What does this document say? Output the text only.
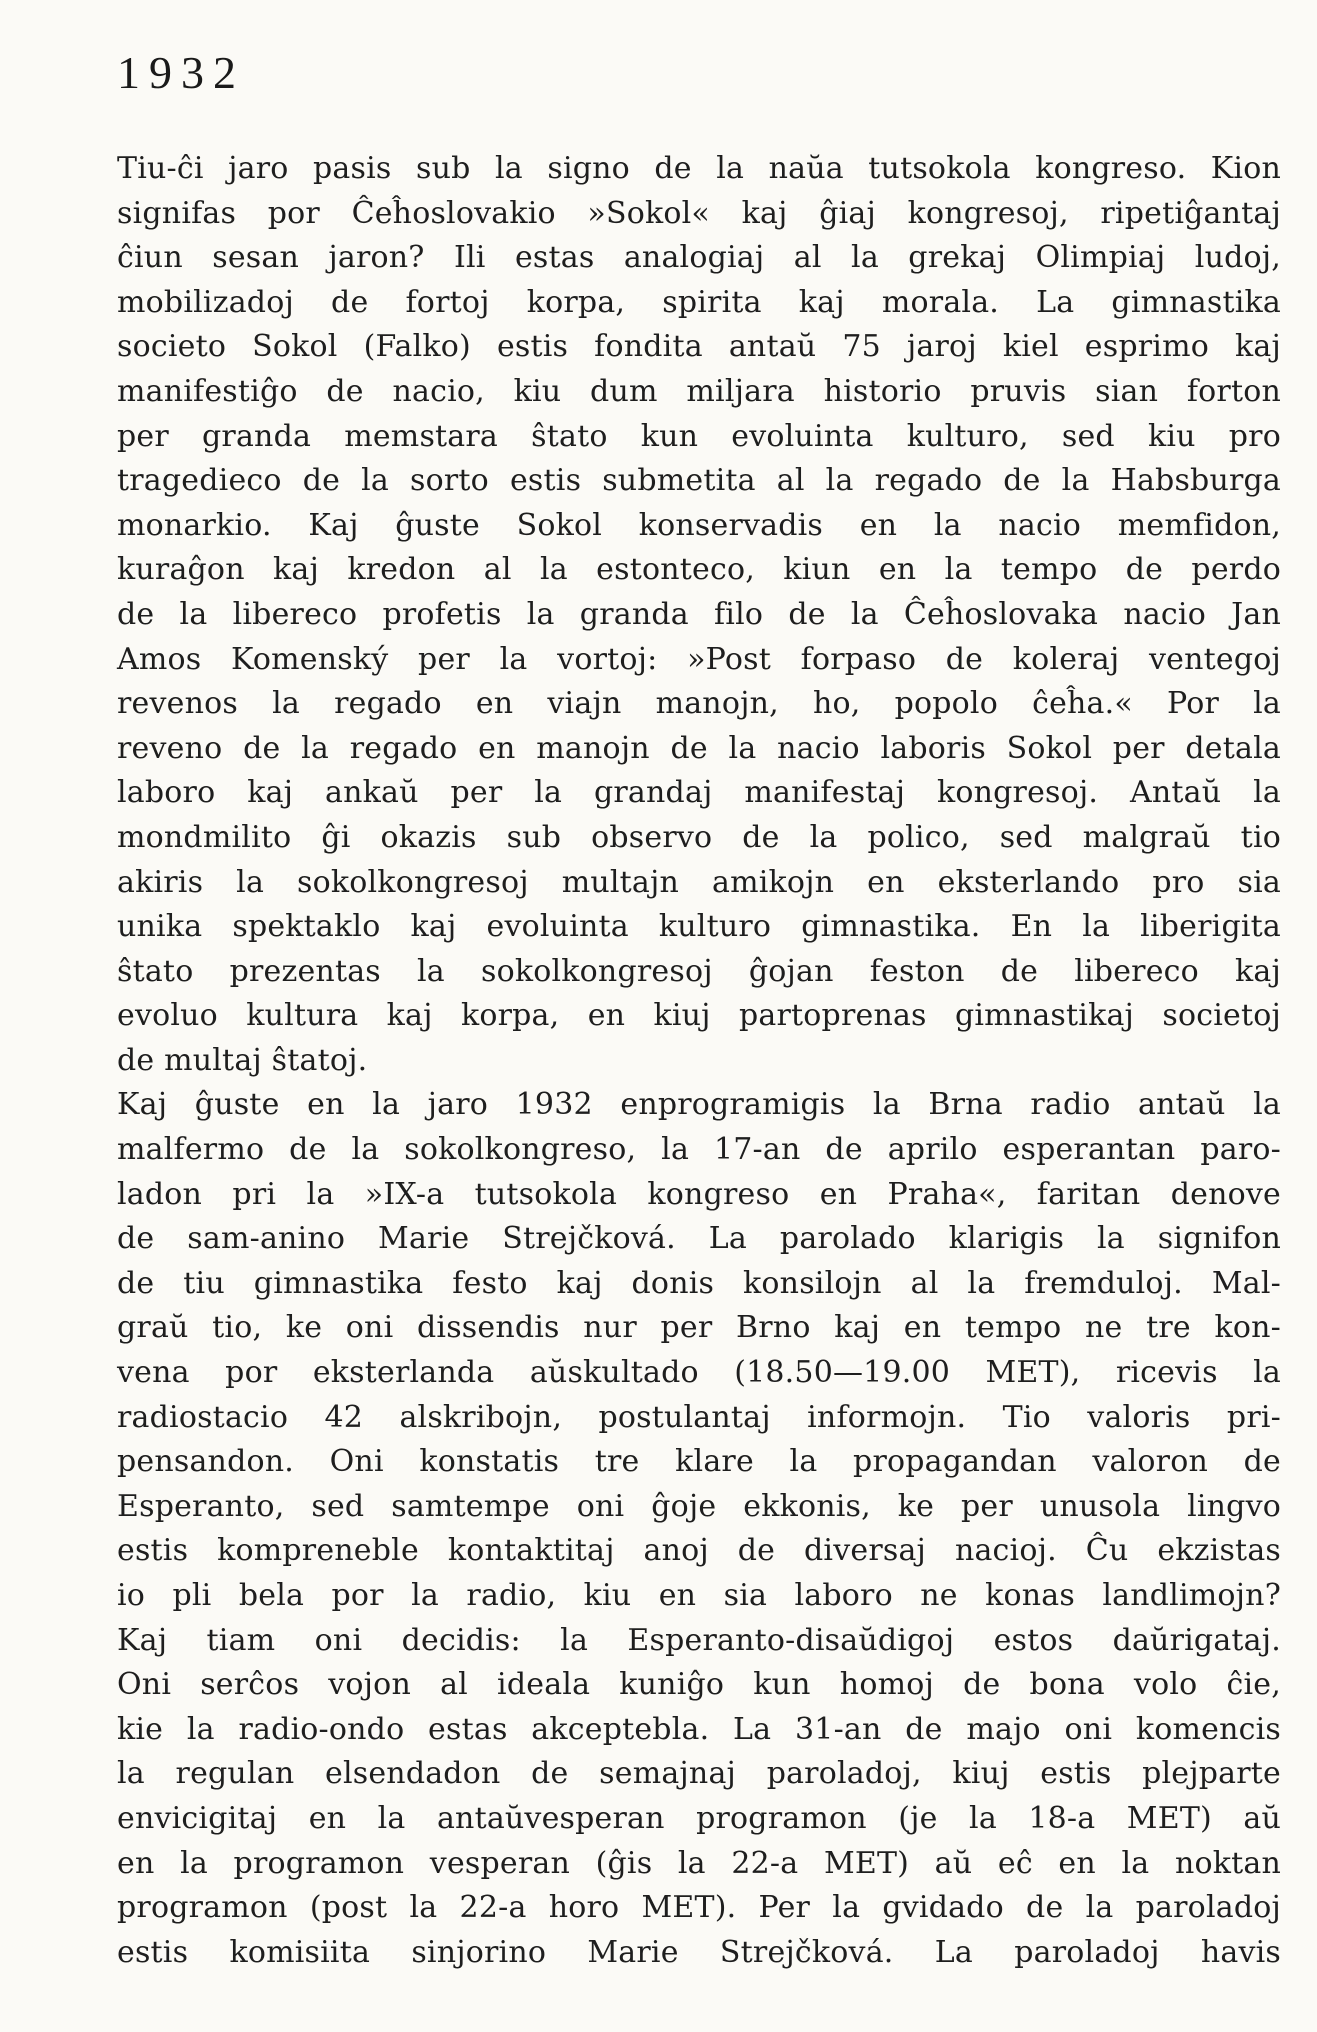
1932
Tiu-ĉi jaro pasis sub la signo de la naŭa tutsokola kongreso. Kion
signifas por Ĉeĥoslovakio »Sokol« kaj ĝiaj kongresoj, ripetiĝantaj
ĉiun sesan jaron? Ili estas analogiaj al la grekaj Olimpiaj ludoj,
mobilizadoj de fortoj korpa, spirita kaj morala. La gimnastika
societo Sokol (Falko) estis fondita antaŭ 75 jaroj kiel esprimo kaj
manifestiĝo de nacio, kiu dum miljara historio pruvis sian forton
per granda memstara ŝtato kun evoluinta kulturo, sed kiu pro
tragedieco de la sorto estis submetita al la regado de la Habsburga
monarkio. Kaj ĝuste Sokol konservadis en la nacio memfidon,
kuraĝon kaj kredon al la estonteco, kiun en la tempo de perdo
de la libereco profetis la granda filo de la Ĉeĥoslovaka nacio Jan
Amos Komenský per la vortoj: »Post forpaso de koleraj ventegoj
revenos la regado en viajn manojn, ho, popolo ĉeĥa.« Por la
reveno de la regado en manojn de la nacio laboris Sokol per detala
laboro kaj ankaŭ per la grandaj manifestaj kongresoj. Antaŭ la
mondmilito ĝi okazis sub observo de la polico, sed malgraŭ tio
akiris la sokolkongresoj multajn amikojn en eksterlando pro sia
unika spektaklo kaj evoluinta kulturo gimnastika. En la liberigita
ŝtato prezentas la sokolkongresoj ĝojan feston de libereco kaj
evoluo kultura kaj korpa, en kiuj partoprenas gimnastikaj societoj
de multaj ŝtatoj.
Kaj ĝuste en la jaro 1932 enprogramigis la Brna radio antaŭ la
malfermo de la sokolkongreso, la 17-an de aprilo esperantan paro-
ladon pri la »IX-a tutsokola kongreso en Praha«, faritan denove
de sam-anino Marie Strejčková. La parolado klarigis la signifon
de tiu gimnastika festo kaj donis konsilojn al la fremduloj. Mal-
graŭ tio, ke oni dissendis nur per Brno kaj en tempo ne tre kon-
vena por eksterlanda aŭskultado (18.50—19.00 MET), ricevis la
radiostacio 42 alskribojn, postulantaj informojn. Tio valoris pri-
pensandon. Oni konstatis tre klare la propagandan valoron de
Esperanto, sed samtempe oni ĝoje ekkonis, ke per unusola lingvo
estis kompreneble kontaktitaj anoj de diversaj nacioj. Ĉu ekzistas
io pli bela por la radio, kiu en sia laboro ne konas landlimojn?
Kaj tiam oni decidis: la Esperanto-disaŭdigoj estos daŭrigataj.
Oni serĉos vojon al ideala kuniĝo kun homoj de bona volo ĉie,
kie la radio-ondo estas akceptebla. La 31-an de majo oni komencis
la regulan elsendadon de semajnaj paroladoj, kiuj estis plejparte
envicigitaj en la antaŭvesperan programon (je la 18-a MET) aŭ
en la programon vesperan (ĝis la 22-a MET) aŭ eĉ en la noktan
programon (post la 22-a horo MET). Per la gvidado de la paroladoj
estis komisiita sinjorino Marie Strejčková. La paroladoj havis
